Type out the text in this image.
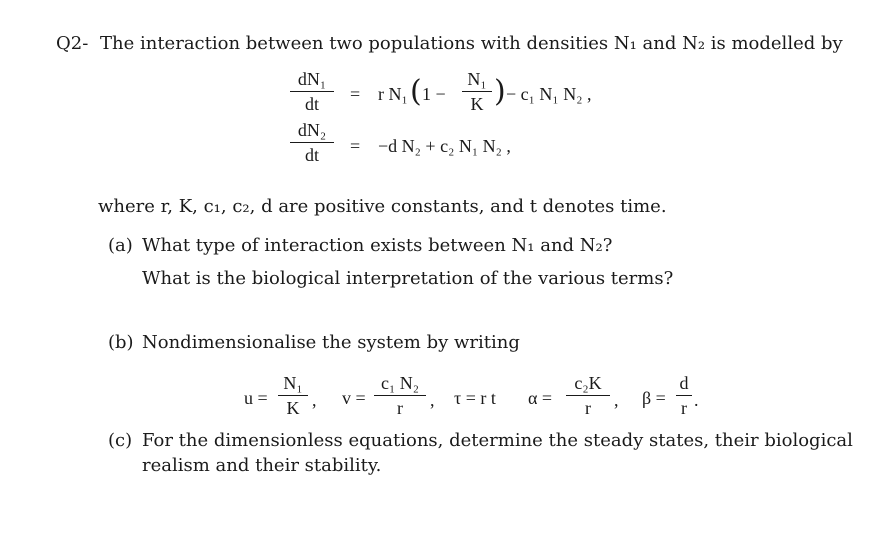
Q2- The interaction between two populations with densities N₁ and N₂ is modelled by
dN₁
dt	= r N₁ ( 1 −
N₁
K ) − c₁ N₁ N₂ ,
dN₂
dt	= −d N₂ + c₂ N₁ N₂ ,
where r, K, c₁, c₂, d are positive constants, and t denotes time.
(a) What type of interaction exists between N₁ and N₂?
What is the biological interpretation of the various terms?
(b) Nondimensionalise the system by writing
u =
N₁
K , v =
c₁ N₂
r	, τ = r t α =
c₂K
r	, β =
d
r .
(c) For the dimensionless equations, determine the steady states, their biological
realism and their stability.
